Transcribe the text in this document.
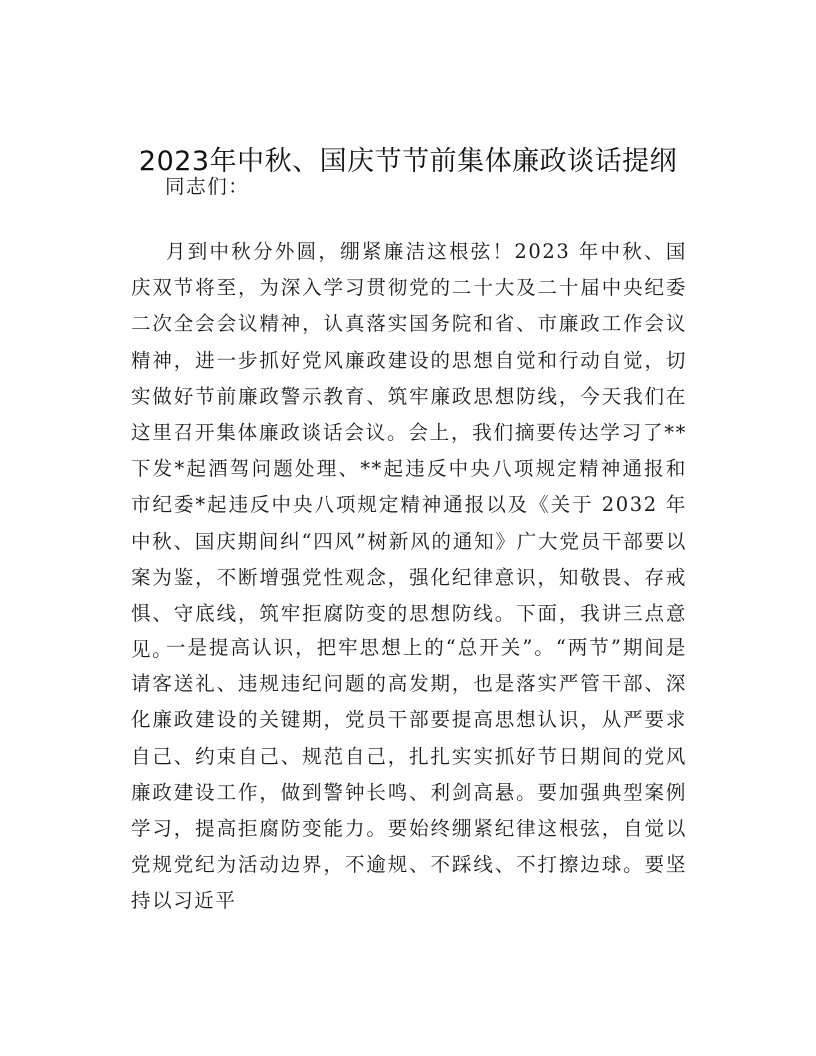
2023年中秋、国庆节节前集体廉政谈话提纲

同志们：

月到中秋分外圆，绷紧廉洁这根弦！2023 年中秋、国庆双节将至，为深入学习贯彻党的二十大及二十届中央纪委二次全会会议精神，认真落实国务院和省、市廉政工作会议精神，进一步抓好党风廉政建设的思想自觉和行动自觉，切实做好节前廉政警示教育、筑牢廉政思想防线，今天我们在这里召开集体廉政谈话会议。会上，我们摘要传达学习了**下发*起酒驾问题处理、**起违反中央八项规定精神通报和市纪委*起违反中央八项规定精神通报以及《关于 2032 年中秋、国庆期间纠“四风”树新风的通知》广大党员干部要以案为鉴，不断增强党性观念，强化纪律意识，知敬畏、存戒惧、守底线，筑牢拒腐防变的思想防线。下面，我讲三点意见。

一是提高认识，把牢思想上的“总开关”。“两节”期间是请客送礼、违规违纪问题的高发期，也是落实严管干部、深化廉政建设的关键期，党员干部要提高思想认识，从严要求自己、约束自己、规范自己，扎扎实实抓好节日期间的党风廉政建设工作，做到警钟长鸣、利剑高悬。要加强典型案例学习，提高拒腐防变能力。要始终绷紧纪律这根弦，自觉以党规党纪为活动边界，不逾规、不踩线、不打擦边球。要坚持以习近平
